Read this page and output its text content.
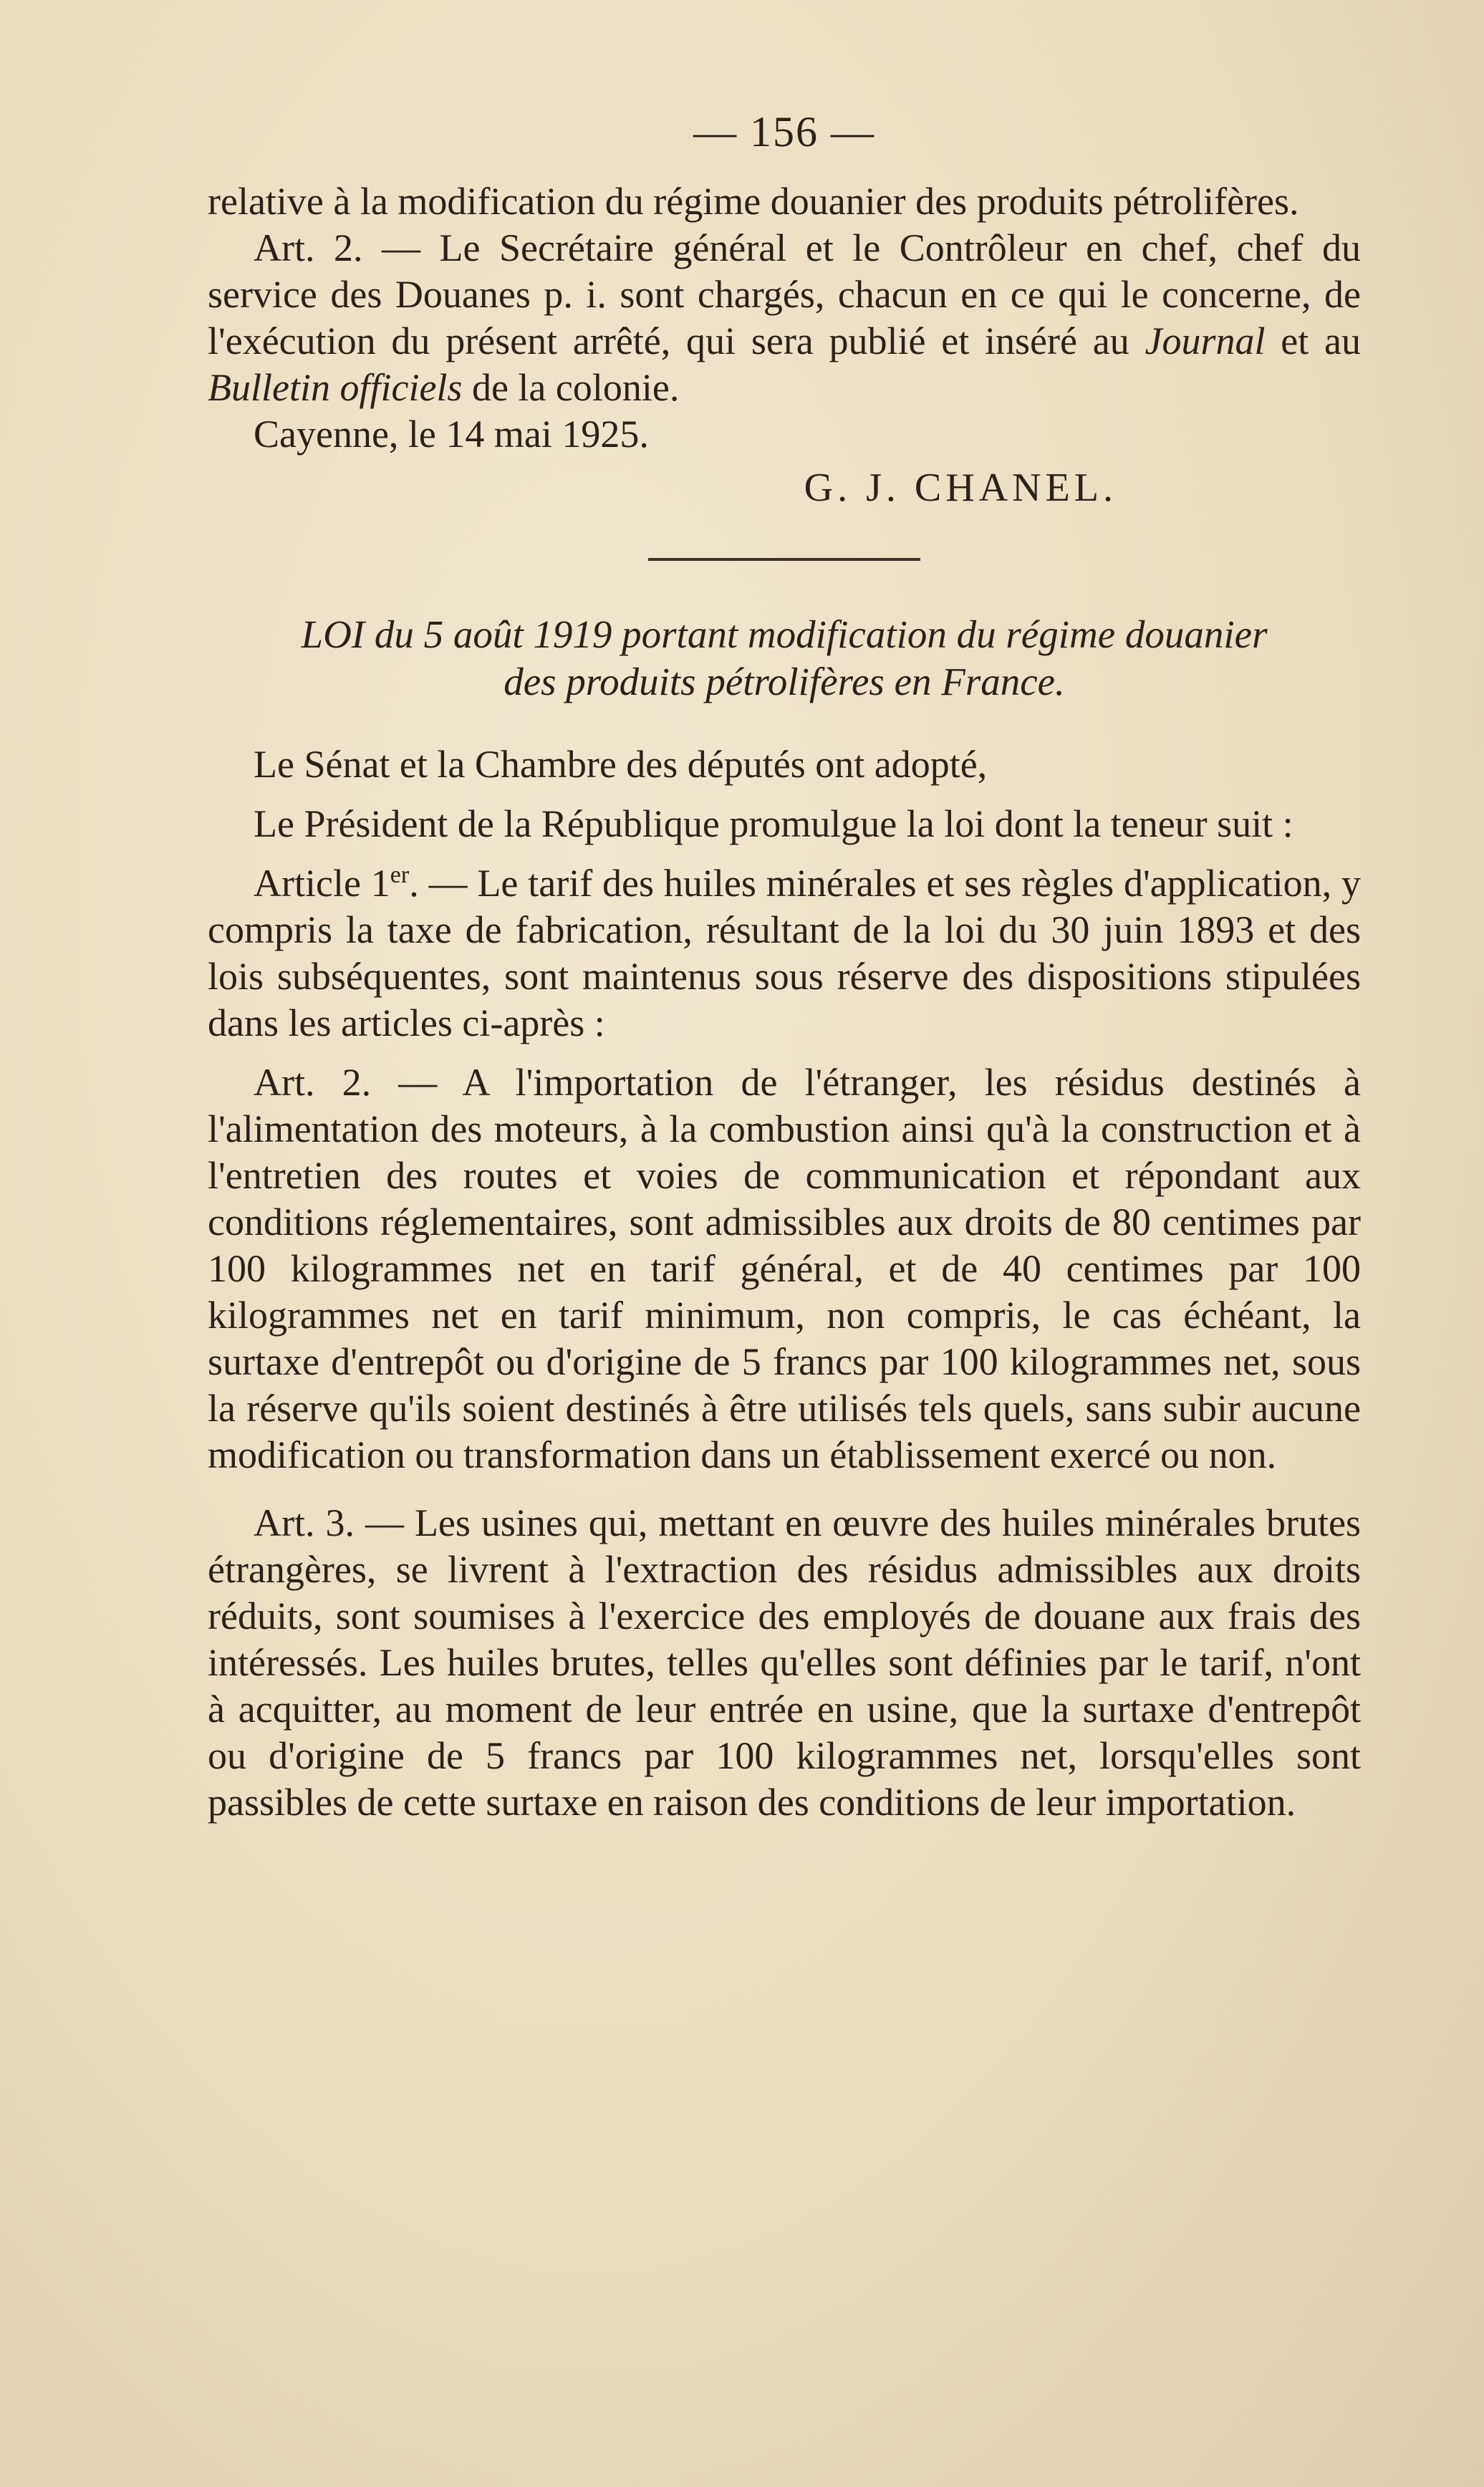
— 156 —

relative à la modification du régime douanier des produits pétrolifères.

Art. 2. — Le Secrétaire général et le Contrôleur en chef, chef du service des Douanes p. i. sont chargés, chacun en ce qui le concerne, de l'exécution du présent arrêté, qui sera publié et inséré au Journal et au Bulletin officiels de la colonie.

Cayenne, le 14 mai 1925.

G. J. CHANEL.
LOI du 5 août 1919 portant modification du régime douanier
des produits pétrolifères en France.

Le Sénat et la Chambre des députés ont adopté,

Le Président de la République promulgue la loi dont la teneur suit :

Article 1er. — Le tarif des huiles minérales et ses règles d'application, y compris la taxe de fabrication, résultant de la loi du 30 juin 1893 et des lois subséquentes, sont maintenus sous réserve des dispositions stipulées dans les articles ci-après :

Art. 2. — A l'importation de l'étranger, les résidus destinés à l'alimentation des moteurs, à la combustion ainsi qu'à la construction et à l'entretien des routes et voies de communication et répondant aux conditions réglementaires, sont admissibles aux droits de 80 centimes par 100 kilogrammes net en tarif général, et de 40 centimes par 100 kilogrammes net en tarif minimum, non compris, le cas échéant, la surtaxe d'entrepôt ou d'origine de 5 francs par 100 kilogrammes net, sous la réserve qu'ils soient destinés à être utilisés tels quels, sans subir aucune modification ou transformation dans un établissement exercé ou non.

Art. 3. — Les usines qui, mettant en œuvre des huiles minérales brutes étrangères, se livrent à l'extraction des résidus admissibles aux droits réduits, sont soumises à l'exercice des employés de douane aux frais des intéressés. Les huiles brutes, telles qu'elles sont définies par le tarif, n'ont à acquitter, au moment de leur entrée en usine, que la surtaxe d'entrepôt ou d'origine de 5 francs par 100 kilogrammes net, lorsqu'elles sont passibles de cette surtaxe en raison des conditions de leur importation.
